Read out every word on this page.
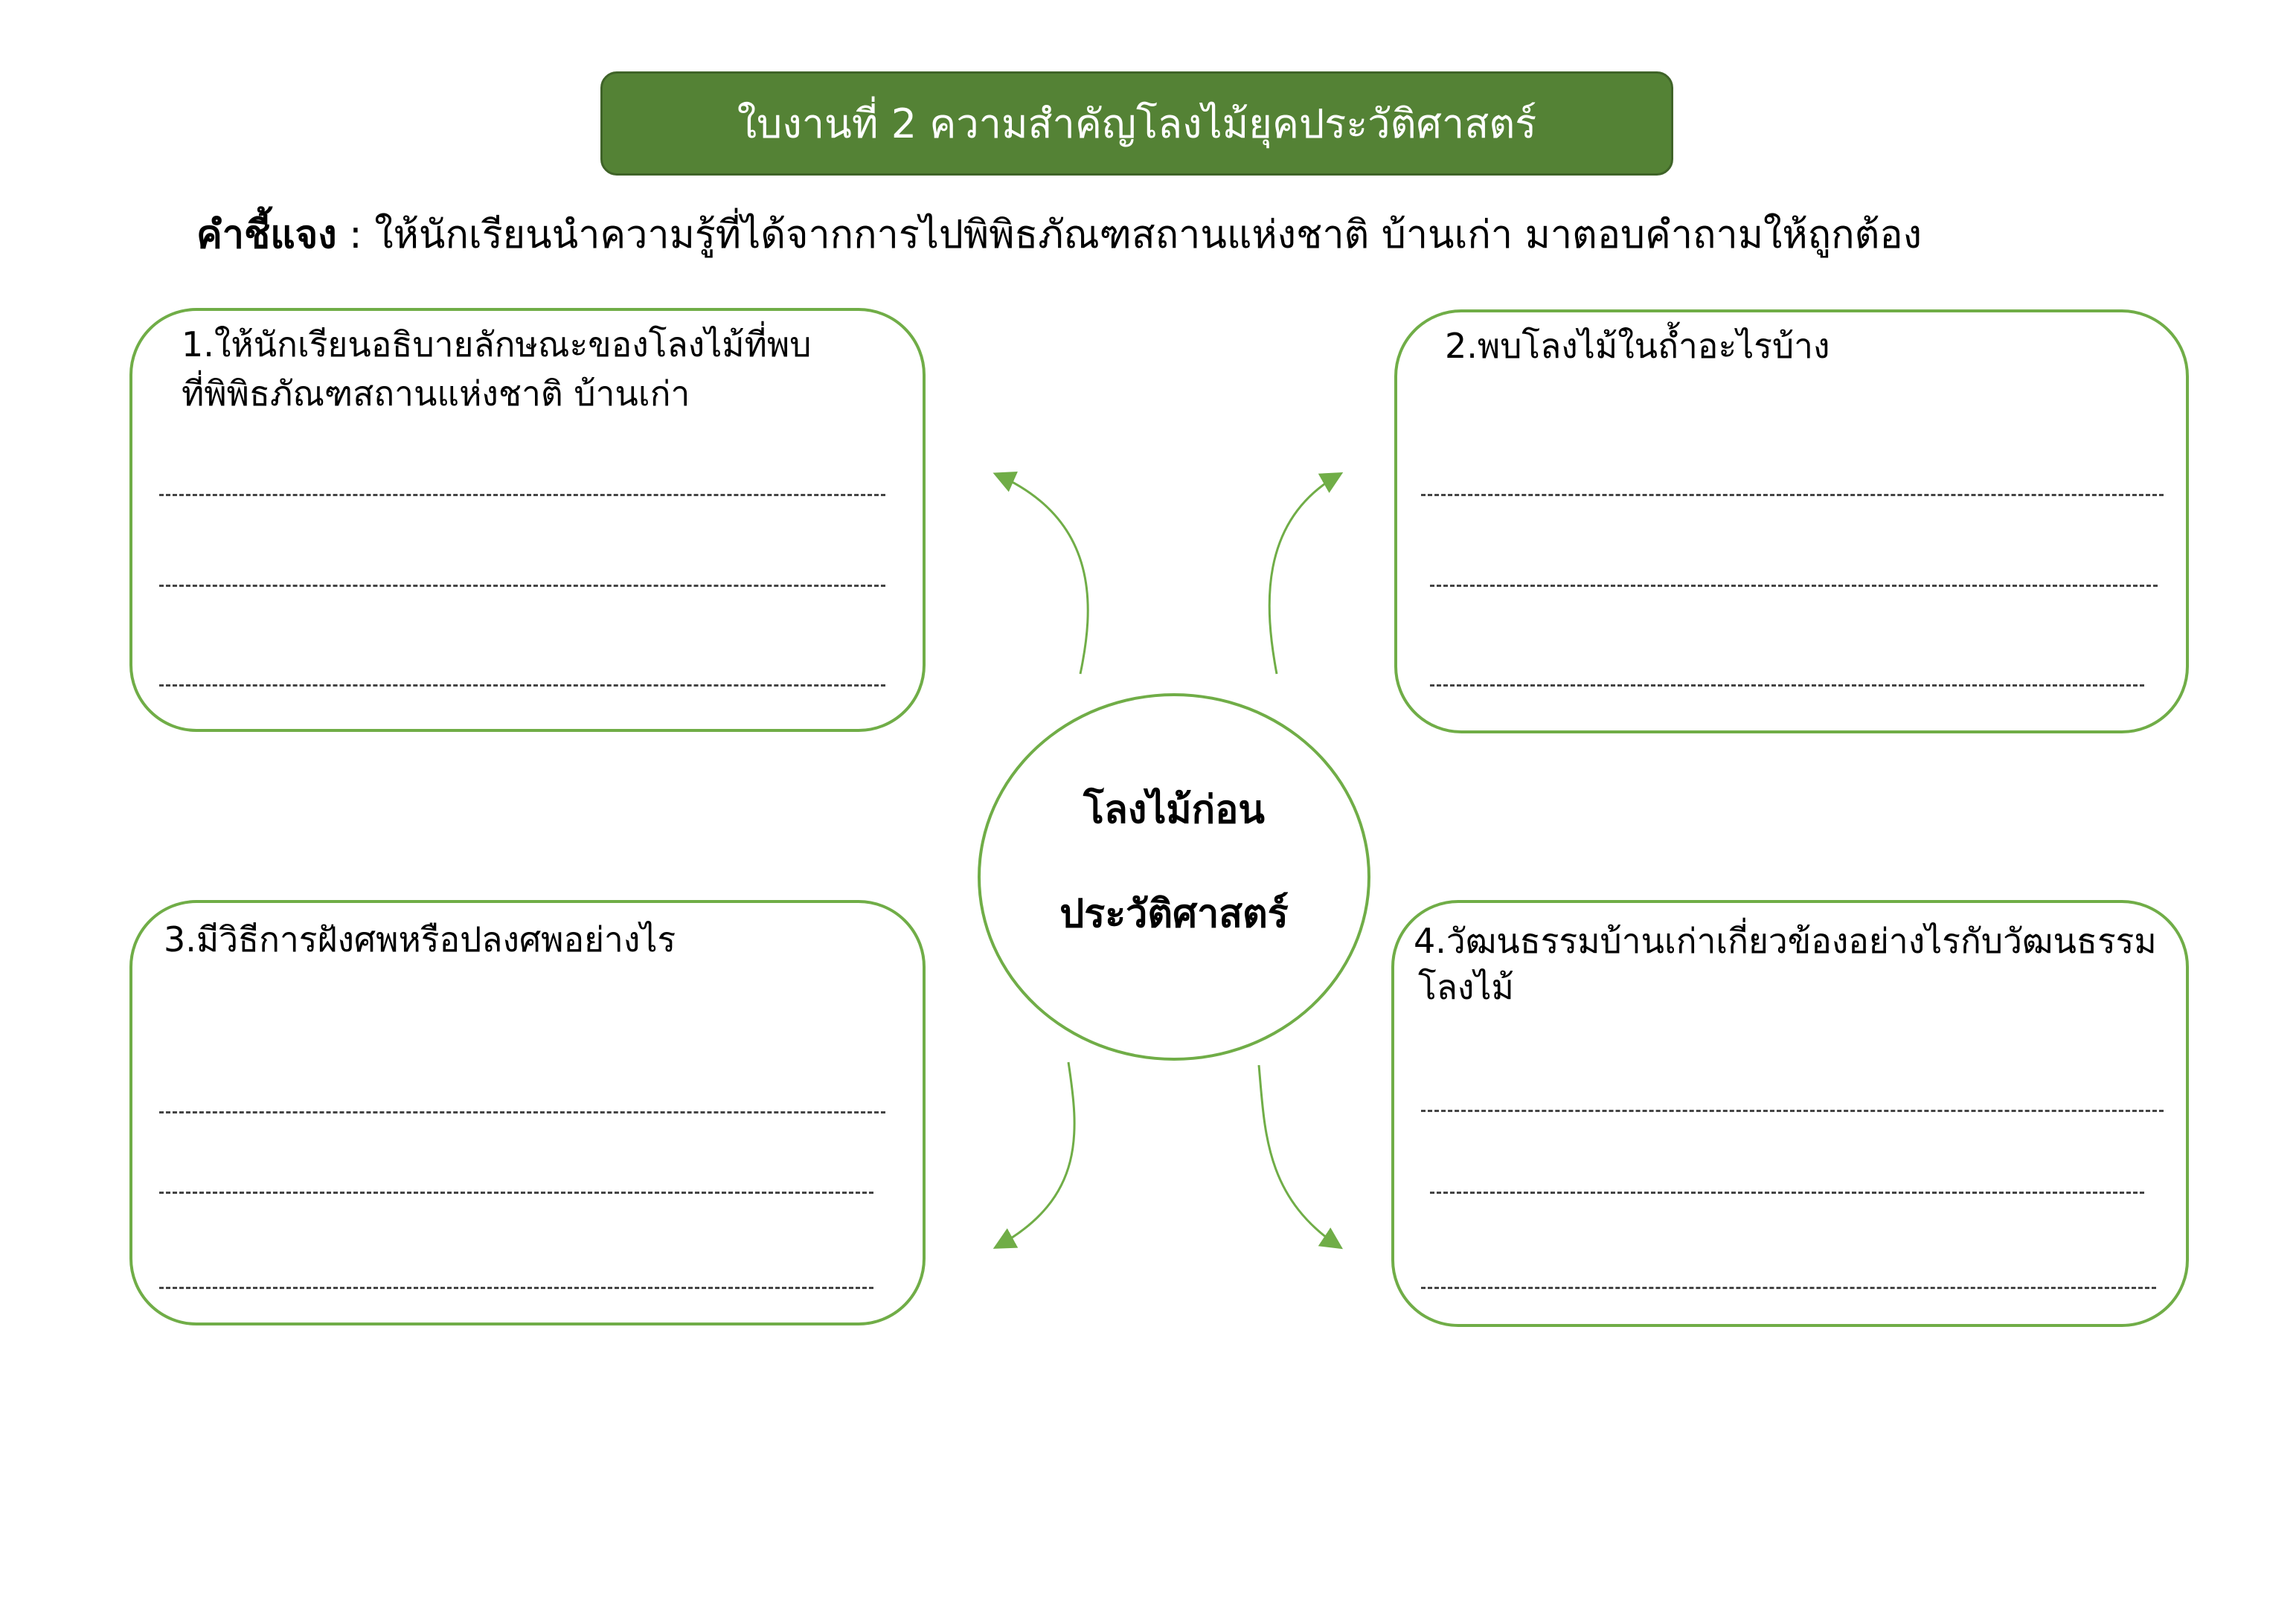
ใบงานที่ 2 ความสำคัญโลงไม้ยุคประวัติศาสตร์
คำชี้แจง : ให้นักเรียนนำความรู้ที่ได้จากการไปพิพิธภัณฑสถานแห่งชาติ บ้านเก่า มาตอบคำถามให้ถูกต้อง
1.ให้นักเรียนอธิบายลักษณะของโลงไม้ที่พบ
ที่พิพิธภัณฑสถานแห่งชาติ บ้านเก่า
2.พบโลงไม้ในถ้ำอะไรบ้าง
โลงไม้ก่อน
ประวัติศาสตร์
3.มีวิธีการฝังศพหรือปลงศพอย่างไร	4.วัฒนธรรมบ้านเก่าเกี่ยวข้องอย่างไรกับวัฒนธรรม
โลงไม้
